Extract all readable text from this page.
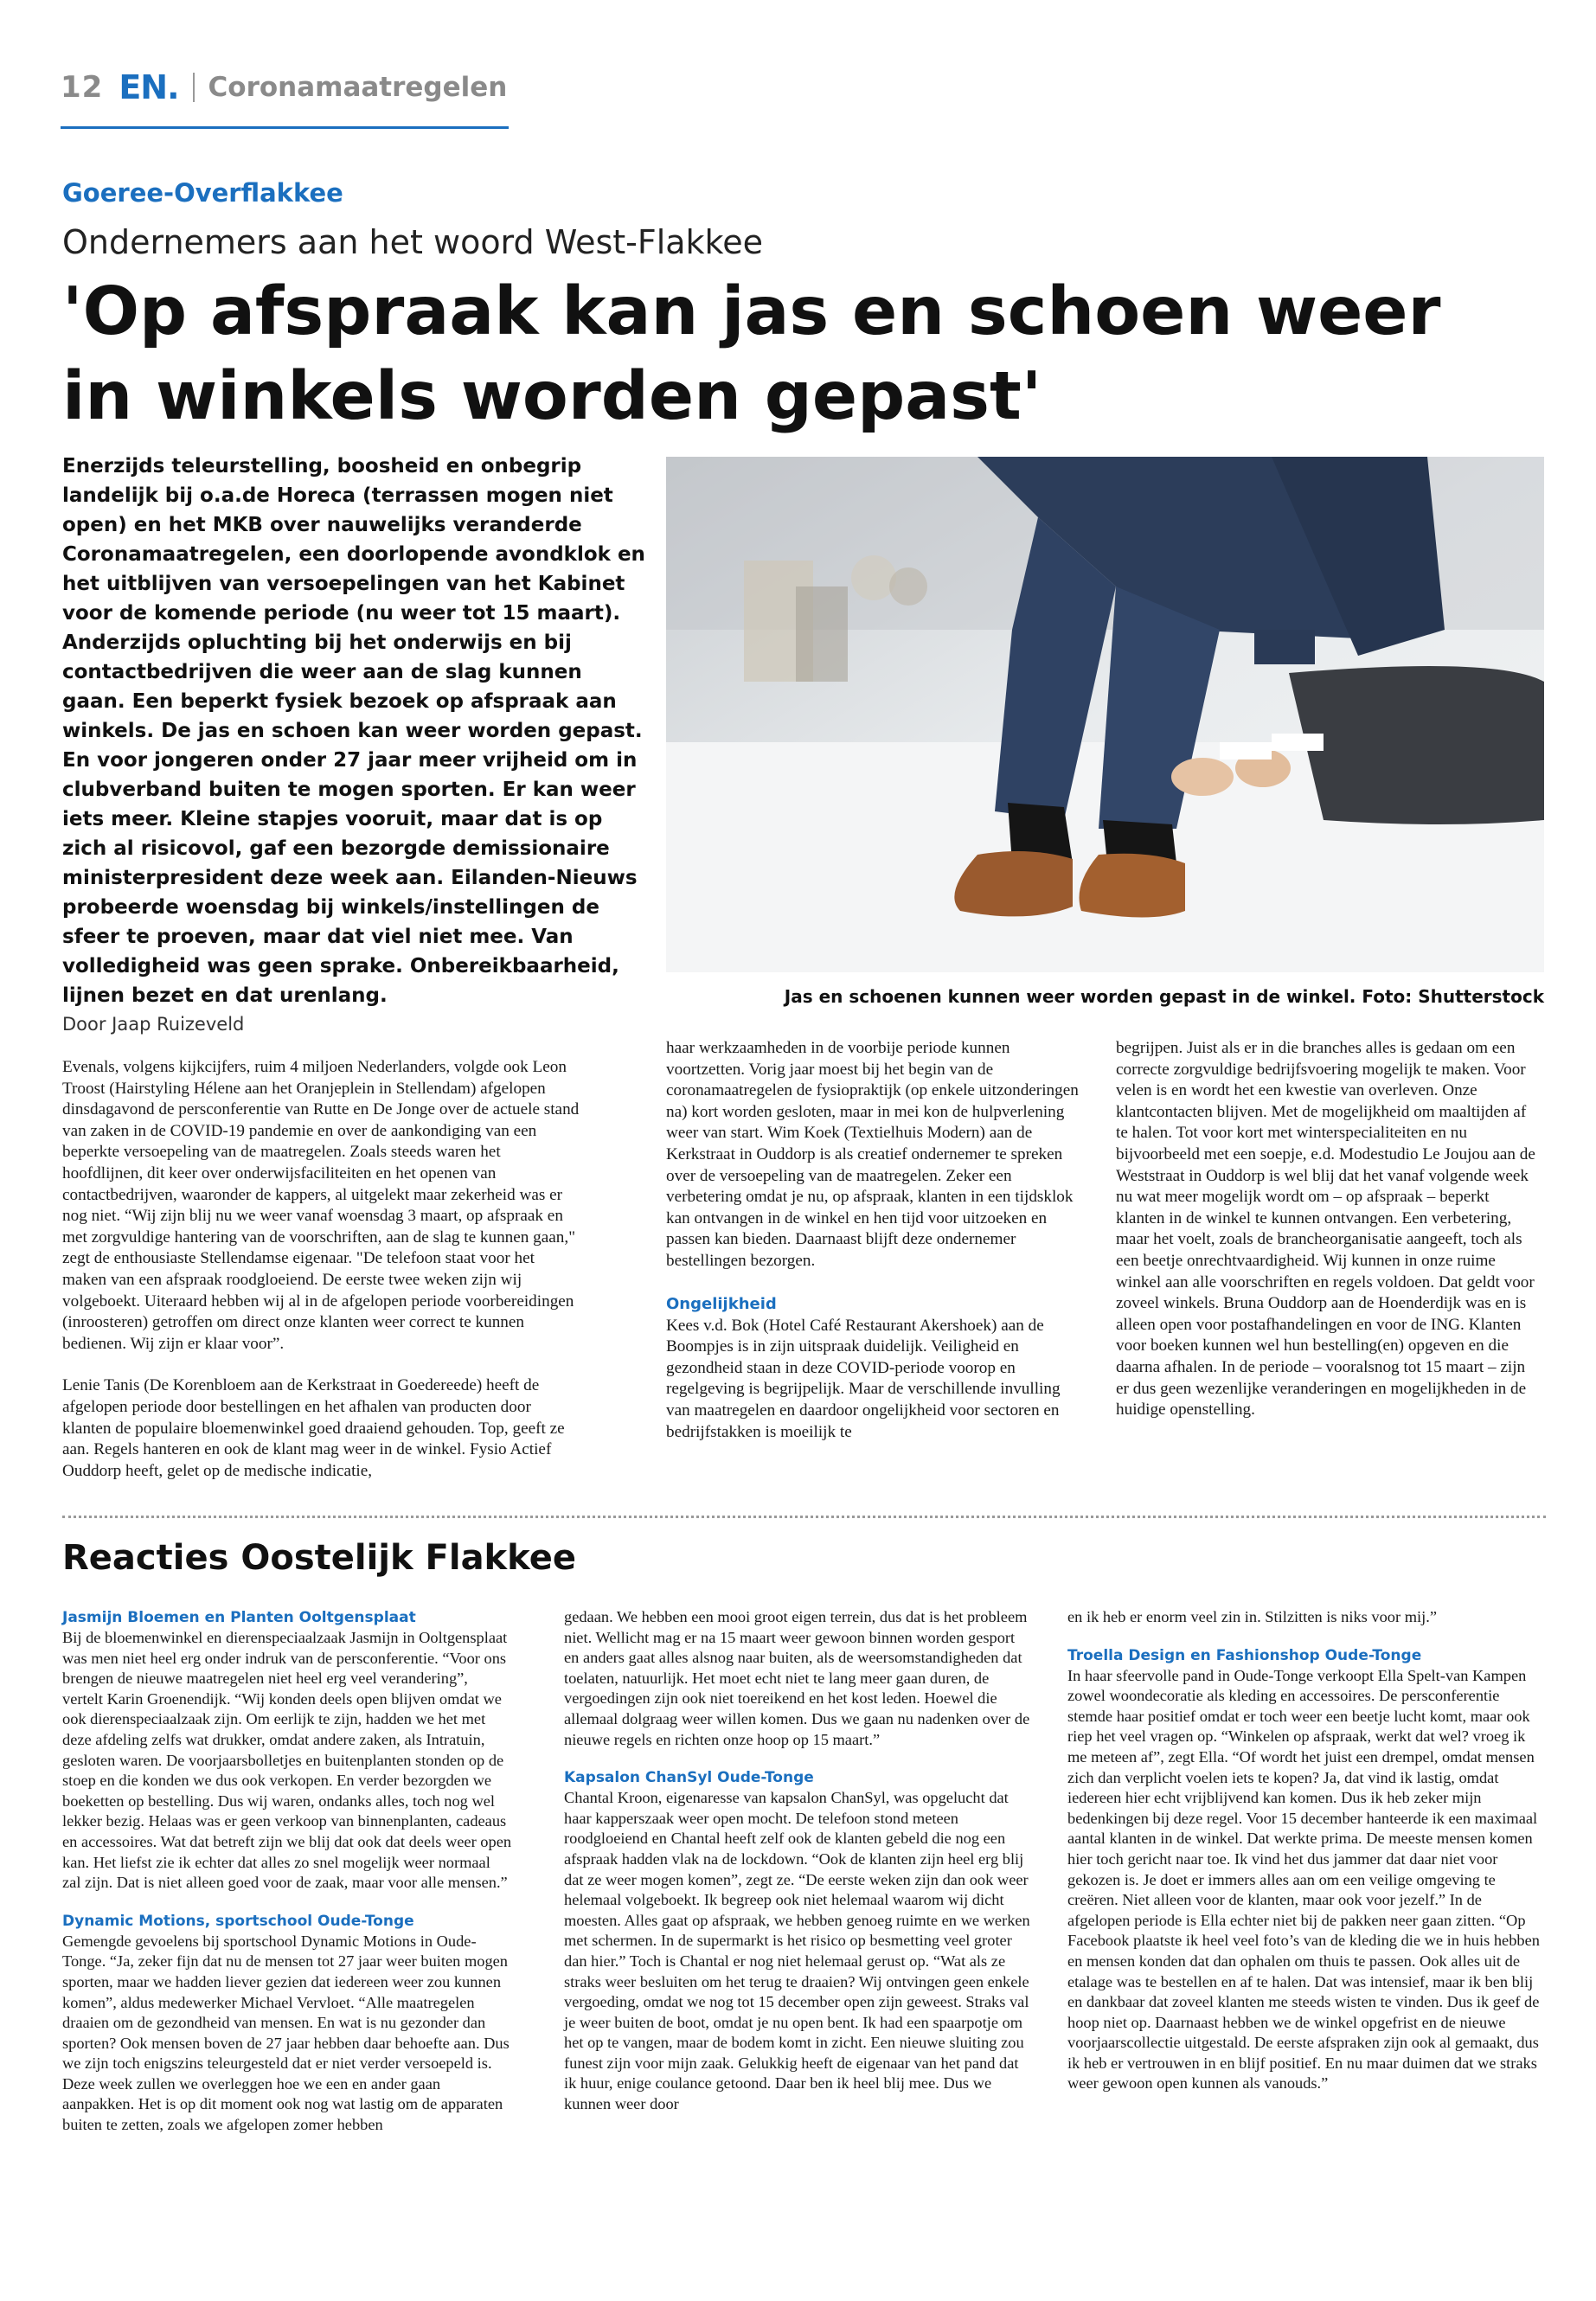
12 EN. Coronamaatregelen
Goeree-Overflakkee
Ondernemers aan het woord West-Flakkee
'Op afspraak kan jas en schoen weer in winkels worden gepast'
Enerzijds teleurstelling, boosheid en onbegrip landelijk bij o.a.de Horeca (terrassen mogen niet open) en het MKB over nauwelijks veranderde Coronamaatregelen, een doorlopende avondklok en het uitblijven van versoepelingen van het Kabinet voor de komende periode (nu weer tot 15 maart). Anderzijds opluchting bij het onderwijs en bij contactbedrijven die weer aan de slag kunnen gaan. Een beperkt fysiek bezoek op afspraak aan winkels. De jas en schoen kan weer worden gepast. En voor jongeren onder 27 jaar meer vrijheid om in clubverband buiten te mogen sporten. Er kan weer iets meer. Kleine stapjes vooruit, maar dat is op zich al risicovol, gaf een bezorgde demissionaire ministerpresident deze week aan. Eilanden-Nieuws probeerde woensdag bij winkels/instellingen de sfeer te proeven, maar dat viel niet mee. Van volledigheid was geen sprake. Onbereikbaarheid, lijnen bezet en dat urenlang.	Jas en schoenen kunnen weer worden gepast in de winkel. Foto: Shutterstock
Door Jaap Ruizeveld

Evenals, volgens kijkcijfers, ruim 4 miljoen Nederlanders, volgde ook Leon Troost (Hairstyling Hélene aan het Oranjeplein in Stellendam) afgelopen dinsdagavond de persconferentie van Rutte en De Jonge over de actuele stand van zaken in de COVID-19 pandemie en over de aankondiging van een beperkte versoepeling van de maatregelen. Zoals steeds waren het hoofdlijnen, dit keer over onderwijsfaciliteiten en het openen van contactbedrijven, waaronder de kappers, al uitgelekt maar zekerheid was er nog niet. “Wij zijn blij nu we weer vanaf woensdag 3 maart, op afspraak en met zorgvuldige hantering van de voorschriften, aan de slag te kunnen gaan," zegt de enthousiaste Stellendamse eigenaar. "De telefoon staat voor het maken van een afspraak roodgloeiend. De eerste twee weken zijn wij volgeboekt. Uiteraard hebben wij al in de afgelopen periode voorbereidingen (inroosteren) getroffen om direct onze klanten weer correct te kunnen bedienen. Wij zijn er klaar voor”.

Lenie Tanis (De Korenbloem aan de Kerkstraat in Goedereede) heeft de afgelopen periode door bestellingen en het afhalen van producten door klanten de populaire bloemenwinkel goed draaiend gehouden. Top, geeft ze aan. Regels hanteren en ook de klant mag weer in de winkel. Fysio Actief Ouddorp heeft, gelet op de medische indicatie,

haar werkzaamheden in de voorbije periode kunnen voortzetten. Vorig jaar moest bij het begin van de coronamaatregelen de fysiopraktijk (op enkele uitzonderingen na) kort worden gesloten, maar in mei kon de hulpverlening weer van start. Wim Koek (Textielhuis Modern) aan de Kerkstraat in Ouddorp is als creatief ondernemer te spreken over de versoepeling van de maatregelen. Zeker een verbetering omdat je nu, op afspraak, klanten in een tijdsklok kan ontvangen in de winkel en hen tijd voor uitzoeken en passen kan bieden. Daarnaast blijft deze ondernemer bestellingen bezorgen.

Ongelijkheid

Kees v.d. Bok (Hotel Café Restaurant Akershoek) aan de Boompjes is in zijn uitspraak duidelijk. Veiligheid en gezondheid staan in deze COVID-periode voorop en regelgeving is begrijpelijk. Maar de verschillende invulling van maatregelen en daardoor ongelijkheid voor sectoren en bedrijfstakken is moeilijk te

begrijpen. Juist als er in die branches alles is gedaan om een correcte zorgvuldige bedrijfsvoering mogelijk te maken. Voor velen is en wordt het een kwestie van overleven. Onze klantcontacten blijven. Met de mogelijkheid om maaltijden af te halen. Tot voor kort met winterspecialiteiten en nu bijvoorbeeld met een soepje, e.d. Modestudio Le Joujou aan de Weststraat in Ouddorp is wel blij dat het vanaf volgende week nu wat meer mogelijk wordt om – op afspraak – beperkt klanten in de winkel te kunnen ontvangen. Een verbetering, maar het voelt, zoals de brancheorganisatie aangeeft, toch als een beetje onrechtvaardigheid. Wij kunnen in onze ruime winkel aan alle voorschriften en regels voldoen. Dat geldt voor zoveel winkels. Bruna Ouddorp aan de Hoenderdijk was en is alleen open voor postafhandelingen en voor de ING. Klanten voor boeken kunnen wel hun bestelling(en) opgeven en die daarna afhalen. In de periode – vooralsnog tot 15 maart – zijn er dus geen wezenlijke veranderingen en mogelijkheden in de huidige openstelling.

Reacties Oostelijk Flakkee
Jasmijn Bloemen en Planten Ooltgensplaat

Bij de bloemenwinkel en dierenspeciaalzaak Jasmijn in Ooltgensplaat was men niet heel erg onder indruk van de persconferentie. “Voor ons brengen de nieuwe maatregelen niet heel erg veel verandering”, vertelt Karin Groenendijk. “Wij konden deels open blijven omdat we ook dierenspeciaalzaak zijn. Om eerlijk te zijn, hadden we het met deze afdeling zelfs wat drukker, omdat andere zaken, als Intratuin, gesloten waren. De voorjaarsbolletjes en buitenplanten stonden op de stoep en die konden we dus ook verkopen. En verder bezorgden we boeketten op bestelling. Dus wij waren, ondanks alles, toch nog wel lekker bezig. Helaas was er geen verkoop van binnenplanten, cadeaus en accessoires. Wat dat betreft zijn we blij dat ook dat deels weer open kan. Het liefst zie ik echter dat alles zo snel mogelijk weer normaal zal zijn. Dat is niet alleen goed voor de zaak, maar voor alle mensen.”

Dynamic Motions, sportschool Oude-Tonge

Gemengde gevoelens bij sportschool Dynamic Motions in Oude-Tonge. “Ja, zeker fijn dat nu de mensen tot 27 jaar weer buiten mogen sporten, maar we hadden liever gezien dat iedereen weer zou kunnen komen”, aldus medewerker Michael Vervloet. “Alle maatregelen draaien om de gezondheid van mensen. En wat is nu gezonder dan sporten? Ook mensen boven de 27 jaar hebben daar behoefte aan. Dus we zijn toch enigszins teleurgesteld dat er niet verder versoepeld is. Deze week zullen we overleggen hoe we een en ander gaan aanpakken. Het is op dit moment ook nog wat lastig om de apparaten buiten te zetten, zoals we afgelopen zomer hebben

gedaan. We hebben een mooi groot eigen terrein, dus dat is het probleem niet. Wellicht mag er na 15 maart weer gewoon binnen worden gesport en anders gaat alles alsnog naar buiten, als de weersomstandigheden dat toelaten, natuurlijk. Het moet echt niet te lang meer gaan duren, de vergoedingen zijn ook niet toereikend en het kost leden. Hoewel die allemaal dolgraag weer willen komen. Dus we gaan nu nadenken over de nieuwe regels en richten onze hoop op 15 maart.”

Kapsalon ChanSyl Oude-Tonge

Chantal Kroon, eigenaresse van kapsalon ChanSyl, was opgelucht dat haar kapperszaak weer open mocht. De telefoon stond meteen roodgloeiend en Chantal heeft zelf ook de klanten gebeld die nog een afspraak hadden vlak na de lockdown. “Ook de klanten zijn heel erg blij dat ze weer mogen komen”, zegt ze. “De eerste weken zijn dan ook weer helemaal volgeboekt. Ik begreep ook niet helemaal waarom wij dicht moesten. Alles gaat op afspraak, we hebben genoeg ruimte en we werken met schermen. In de supermarkt is het risico op besmetting veel groter dan hier.” Toch is Chantal er nog niet helemaal gerust op. “Wat als ze straks weer besluiten om het terug te draaien? Wij ontvingen geen enkele vergoeding, omdat we nog tot 15 december open zijn geweest. Straks val je weer buiten de boot, omdat je nu open bent. Ik had een spaarpotje om het op te vangen, maar de bodem komt in zicht. Een nieuwe sluiting zou funest zijn voor mijn zaak. Gelukkig heeft de eigenaar van het pand dat ik huur, enige coulance getoond. Daar ben ik heel blij mee. Dus we kunnen weer door

en ik heb er enorm veel zin in. Stilzitten is niks voor mij.”

Troella Design en Fashionshop Oude-Tonge

In haar sfeervolle pand in Oude-Tonge verkoopt Ella Spelt-van Kampen zowel woondecoratie als kleding en accessoires. De persconferentie stemde haar positief omdat er toch weer een beetje lucht komt, maar ook riep het veel vragen op. “Winkelen op afspraak, werkt dat wel? vroeg ik me meteen af”, zegt Ella. “Of wordt het juist een drempel, omdat mensen zich dan verplicht voelen iets te kopen? Ja, dat vind ik lastig, omdat iedereen hier echt vrijblijvend kan komen. Dus ik heb zeker mijn bedenkingen bij deze regel. Voor 15 december hanteerde ik een maximaal aantal klanten in de winkel. Dat werkte prima. De meeste mensen komen hier toch gericht naar toe. Ik vind het dus jammer dat daar niet voor gekozen is. Je doet er immers alles aan om een veilige omgeving te creëren. Niet alleen voor de klanten, maar ook voor jezelf.” In de afgelopen periode is Ella echter niet bij de pakken neer gaan zitten. “Op Facebook plaatste ik heel veel foto’s van de kleding die we in huis hebben en mensen konden dat dan ophalen om thuis te passen. Ook alles uit de etalage was te bestellen en af te halen. Dat was intensief, maar ik ben blij en dankbaar dat zoveel klanten me steeds wisten te vinden. Dus ik geef de hoop niet op. Daarnaast hebben we de winkel opgefrist en de nieuwe voorjaarscollectie uitgestald. De eerste afspraken zijn ook al gemaakt, dus ik heb er vertrouwen in en blijf positief. En nu maar duimen dat we straks weer gewoon open kunnen als vanouds.”
